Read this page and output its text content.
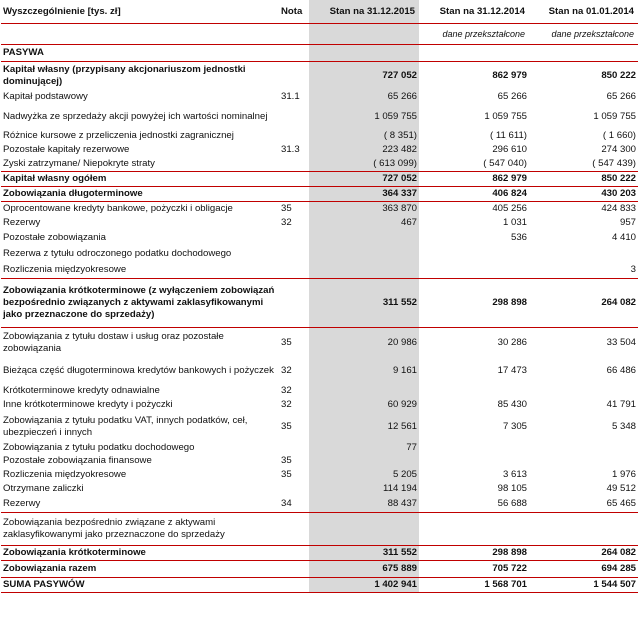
Wyszczególnienie [tys. zł]	Nota	Stan na 31.12.2015	Stan na 31.12.2014	Stan na 01.01.2014
			dane przekształcone	dane przekształcone
PASYWA				
Kapitał własny (przypisany akcjonariuszom jednostki dominującej)		727 052	862 979	850 222
Kapitał podstawowy	31.1	65 266	65 266	65 266
Nadwyżka ze sprzedaży akcji powyżej ich wartości nominalnej		1 059 755	1 059 755	1 059 755
Różnice kursowe z przeliczenia jednostki zagranicznej		( 8 351)	( 11 611)	( 1 660)
Pozostałe kapitały rezerwowe	31.3	223 482	296 610	274 300
Zyski zatrzymane/ Niepokryte straty		( 613 099)	( 547 040)	( 547 439)
Kapitał własny ogółem		727 052	862 979	850 222
Zobowiązania długoterminowe		364 337	406 824	430 203
Oprocentowane kredyty bankowe, pożyczki i obligacje	35	363 870	405 256	424 833
Rezerwy	32	467	1 031	957
Pozostałe zobowiązania			536	4 410
Rezerwa z tytułu odroczonego podatku dochodowego				
Rozliczenia międzyokresowe				3
Zobowiązania krótkoterminowe (z wyłączeniem zobowiązań bezpośrednio związanych z aktywami zaklasyfikowanymi jako przeznaczone do sprzedaży)		311 552	298 898	264 082
Zobowiązania z tytułu dostaw i usług oraz pozostałe zobowiązania	35	20 986	30 286	33 504
Bieżąca część długoterminowa kredytów bankowych i pożyczek	32	9 161	17 473	66 486
Krótkoterminowe kredyty odnawialne	32			
Inne krótkoterminowe kredyty i pożyczki	32	60 929	85 430	41 791
Zobowiązania z tytułu podatku VAT, innych podatków, ceł, ubezpieczeń i innych	35	12 561	7 305	5 348
Zobowiązania z tytułu podatku dochodowego		77		
Pozostałe zobowiązania finansowe	35			
Rozliczenia międzyokresowe	35	5 205	3 613	1 976
Otrzymane zaliczki		114 194	98 105	49 512
Rezerwy	34	88 437	56 688	65 465
Zobowiązania bezpośrednio związane z aktywami zaklasyfikowanymi jako przeznaczone do sprzedaży				
Zobowiązania krótkoterminowe		311 552	298 898	264 082
Zobowiązania razem		675 889	705 722	694 285
SUMA PASYWÓW		1 402 941	1 568 701	1 544 507
